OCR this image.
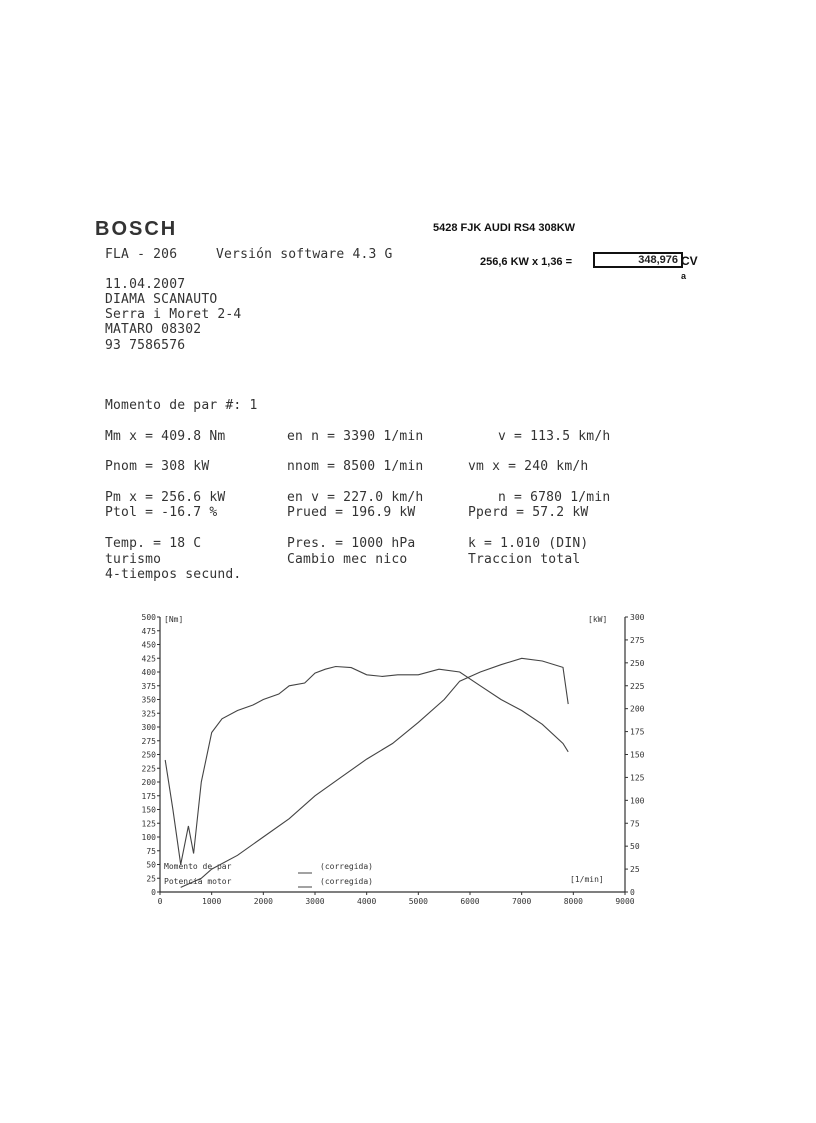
BOSCH	5428 FJK AUDI RS4 308KW
FLA - 206	Versión software 4.3 G	256,6 KW x 1,36 =	348,976 CV
a
11.04.2007
DIAMA SCANAUTO
Serra i Moret 2-4
MATARO 08302
93 7586576
Momento de par #: 1
Mm x = 409.8 Nm	en n = 3390 1/min	v = 113.5 km/h
Pnom = 308 kW	nnom = 8500 1/min	vm x = 240 km/h
Pm x = 256.6 kW	en v = 227.0 km/h	n = 6780 1/min
Ptol = -16.7 %	Prued = 196.9 kW	Pperd = 57.2 kW
Temp. = 18 C	Pres. = 1000 hPa	k = 1.010 (DIN)
turismo	Cambio mec nico	Traccion total
4-tiempos secund.
[Nm]	[kW]
[1/min]
Momento de par	(corregida)
Potencia motor	(corregida)
0
25
50
75
100
125
150
175
200
225
250
275
300
325
350
375
400
425
450
475
500
0
25
50
75
100
125
150
175
200
225
250
275
300
0	1000	2000	3000	4000	5000	6000	7000	8000	9000
